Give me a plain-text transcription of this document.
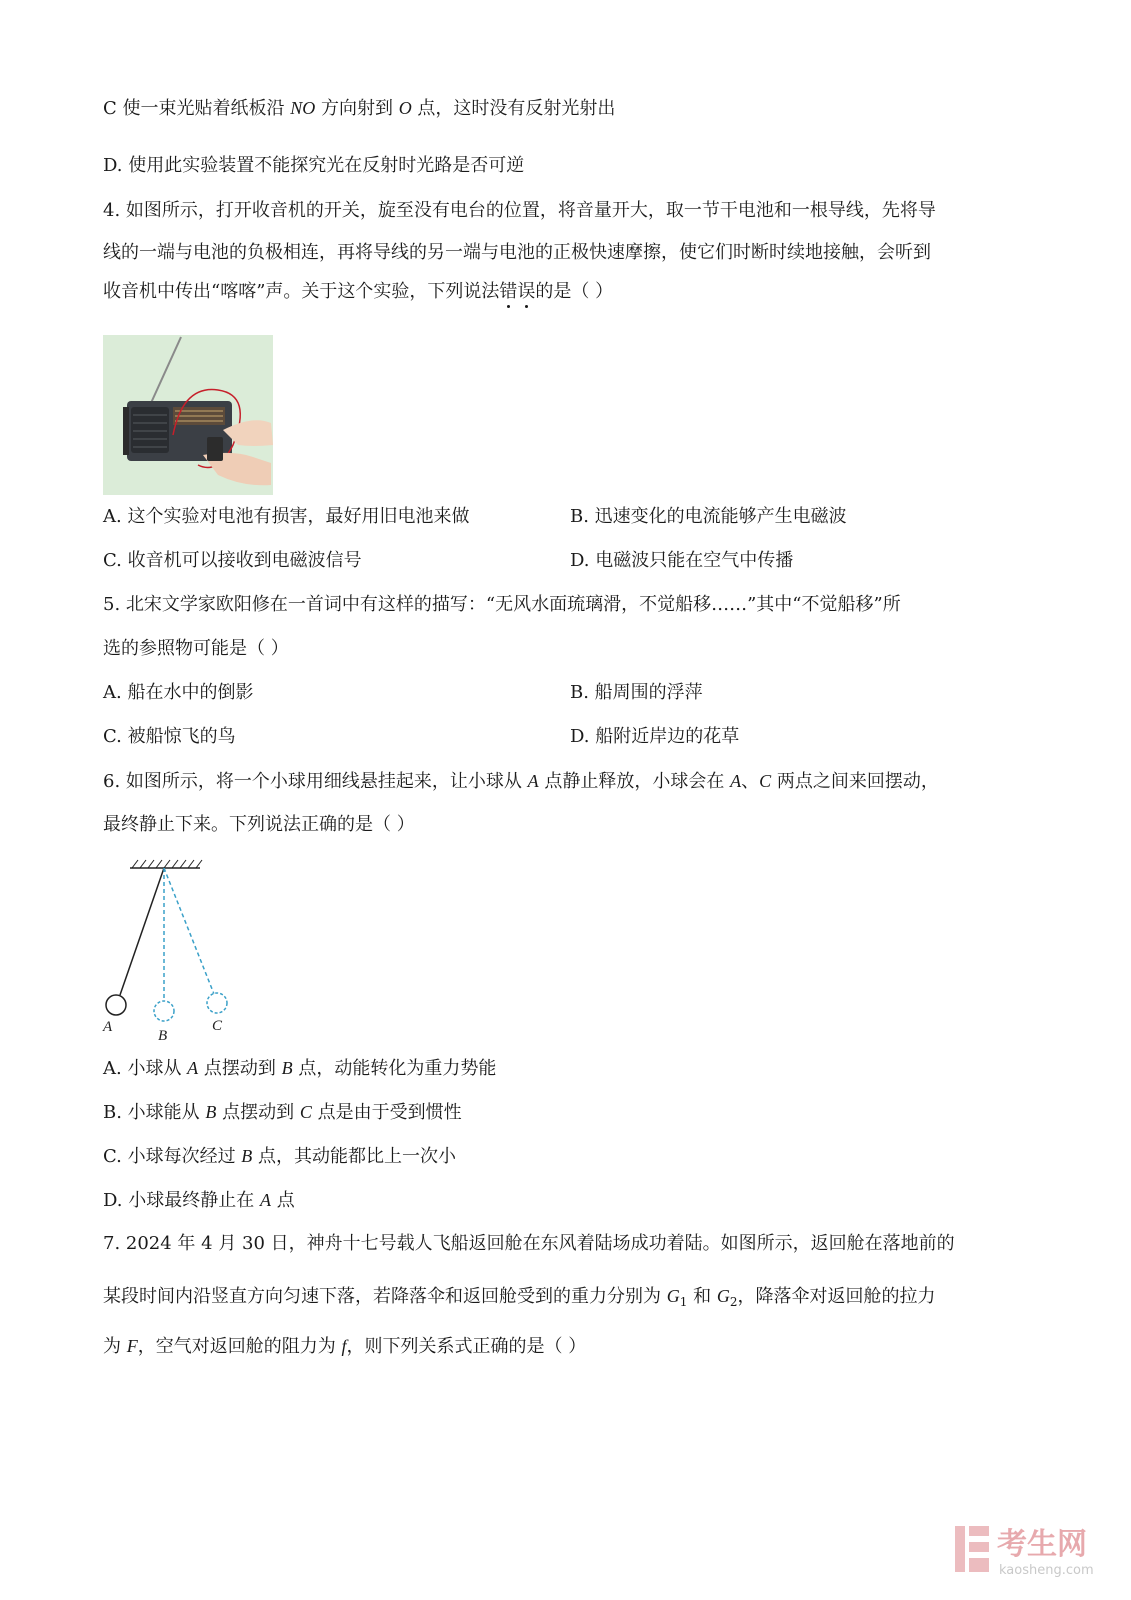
C 使一束光贴着纸板沿 NO 方向射到 O 点，这时没有反射光射出
D. 使用此实验装置不能探究光在反射时光路是否可逆
4. 如图所示，打开收音机的开关，旋至没有电台的位置，将音量开大，取一节干电池和一根导线，先将导
线的一端与电池的负极相连，再将导线的另一端与电池的正极快速摩擦，使它们时断时续地接触，会听到
收音机中传出“喀喀”声。关于这个实验，下列说法错误的是（ ）
A. 这个实验对电池有损害，最好用旧电池来做	B. 迅速变化的电流能够产生电磁波
C. 收音机可以接收到电磁波信号	D. 电磁波只能在空气中传播
5. 北宋文学家欧阳修在一首词中有这样的描写：“无风水面琉璃滑，不觉船移……”其中“不觉船移”所
选的参照物可能是（ ）
A. 船在水中的倒影	B. 船周围的浮萍
C. 被船惊飞的鸟	D. 船附近岸边的花草
6. 如图所示，将一个小球用细线悬挂起来，让小球从 A 点静止释放，小球会在 A、C 两点之间来回摆动，
最终静止下来。下列说法正确的是（ ）
A
B
C
A. 小球从 A 点摆动到 B 点，动能转化为重力势能
B. 小球能从 B 点摆动到 C 点是由于受到惯性
C. 小球每次经过 B 点，其动能都比上一次小
D. 小球最终静止在 A 点
7. 2024 年 4 月 30 日，神舟十七号载人飞船返回舱在东风着陆场成功着陆。如图所示，返回舱在落地前的
某段时间内沿竖直方向匀速下落，若降落伞和返回舱受到的重力分别为 $G_1$ 和 $G_2$，降落伞对返回舱的拉力
为 F，空气对返回舱的阻力为 f，则下列关系式正确的是（ ）
考生网
kaosheng.com
